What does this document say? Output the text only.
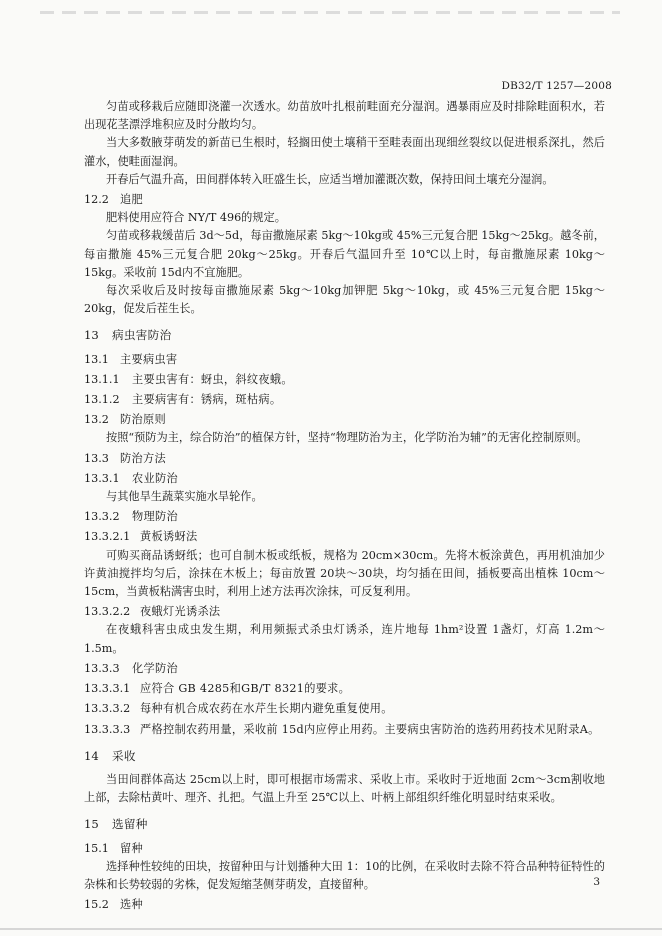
DB32/T 1257—2008

匀苗或移栽后应随即浇灌一次透水。幼苗放叶扎根前畦面充分湿润。遇暴雨应及时排除畦面积水，若出现花茎漂浮堆积应及时分散均匀。

当大多数腋芽萌发的新苗已生根时，轻搁田使土壤稍干至畦表面出现细丝裂纹以促进根系深扎，然后灌水，使畦面湿润。

开春后气温升高，田间群体转入旺盛生长，应适当增加灌溉次数，保持田间土壤充分湿润。

12.2 追肥

肥料使用应符合 NY/T 496的规定。

匀苗或移栽缓苗后 3d～5d，每亩撒施尿素 5kg～10kg或 45%三元复合肥 15kg～25kg。越冬前，每亩撒施 45%三元复合肥 20kg～25kg。开春后气温回升至 10℃以上时，每亩撒施尿素 10kg～15kg。采收前 15d内不宜施肥。

每次采收后及时按每亩撒施尿素 5kg～10kg加钾肥 5kg～10kg，或 45%三元复合肥 15kg～20kg，促发后茬生长。

13 病虫害防治
13.1 主要病虫害
13.1.1 主要虫害有：蚜虫，斜纹夜蛾。
13.1.2 主要病害有：锈病，斑枯病。
13.2 防治原则

按照“预防为主，综合防治”的植保方针，坚持“物理防治为主，化学防治为辅”的无害化控制原则。

13.3 防治方法
13.3.1 农业防治

与其他旱生蔬菜实施水旱轮作。

13.3.2 物理防治
13.3.2.1 黄板诱蚜法

可购买商品诱蚜纸；也可自制木板或纸板，规格为 20cm×30cm。先将木板涂黄色，再用机油加少许黄油搅拌均匀后，涂抹在木板上；每亩放置 20块～30块，均匀插在田间，插板要高出植株 10cm～15cm，当黄板粘满害虫时，利用上述方法再次涂抹，可反复利用。

13.3.2.2 夜蛾灯光诱杀法

在夜蛾科害虫成虫发生期，利用频振式杀虫灯诱杀，连片地每 1hm²设置 1盏灯，灯高 1.2m～1.5m。

13.3.3 化学防治
13.3.3.1 应符合 GB 4285和GB/T 8321的要求。
13.3.3.2 每种有机合成农药在水芹生长期内避免重复使用。
13.3.3.3 严格控制农药用量，采收前 15d内应停止用药。主要病虫害防治的选药用药技术见附录A。
14 采收

当田间群体高达 25cm以上时，即可根据市场需求、采收上市。采收时于近地面 2cm～3cm割收地上部，去除枯黄叶、理齐、扎把。气温上升至 25℃以上、叶柄上部组织纤维化明显时结束采收。

15 选留种
15.1 留种

选择种性较纯的田块，按留种田与计划播种大田 1：10的比例，在采收时去除不符合品种特征特性的杂株和长势较弱的劣株，促发短缩茎侧芽萌发，直接留种。

15.2 选种
3
